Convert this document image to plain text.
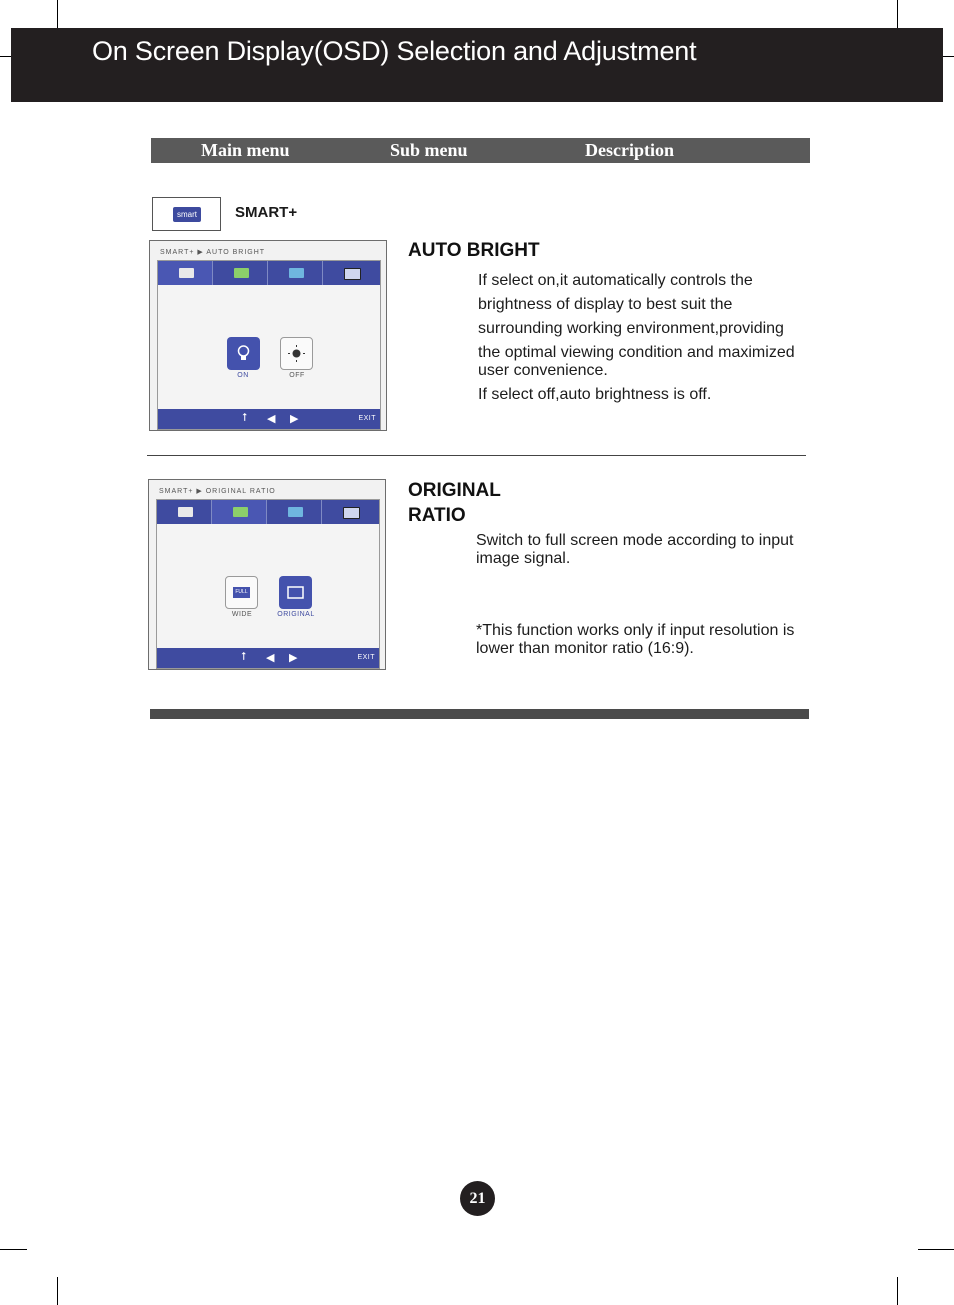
On Screen Display(OSD) Selection and Adjustment
Main menu	Sub menu	Description
smart	SMART+
SMART+ ▶ AUTO BRIGHT
ON	OFF
⭡ ◀ ▶	EXIT
AUTO BRIGHT
If select on,it automatically controls the
brightness of display to best suit the
surrounding working environment,providing
the optimal viewing condition and maximized
user convenience.
If select off,auto brightness is off.
SMART+ ▶ ORIGINAL RATIO
FULL
WIDE	ORIGINAL
⭡ ◀ ▶	EXIT
ORIGINAL
RATIO
Switch to full screen mode according to input
image signal.
*This function works only if input resolution is
lower than monitor ratio (16:9).
21
